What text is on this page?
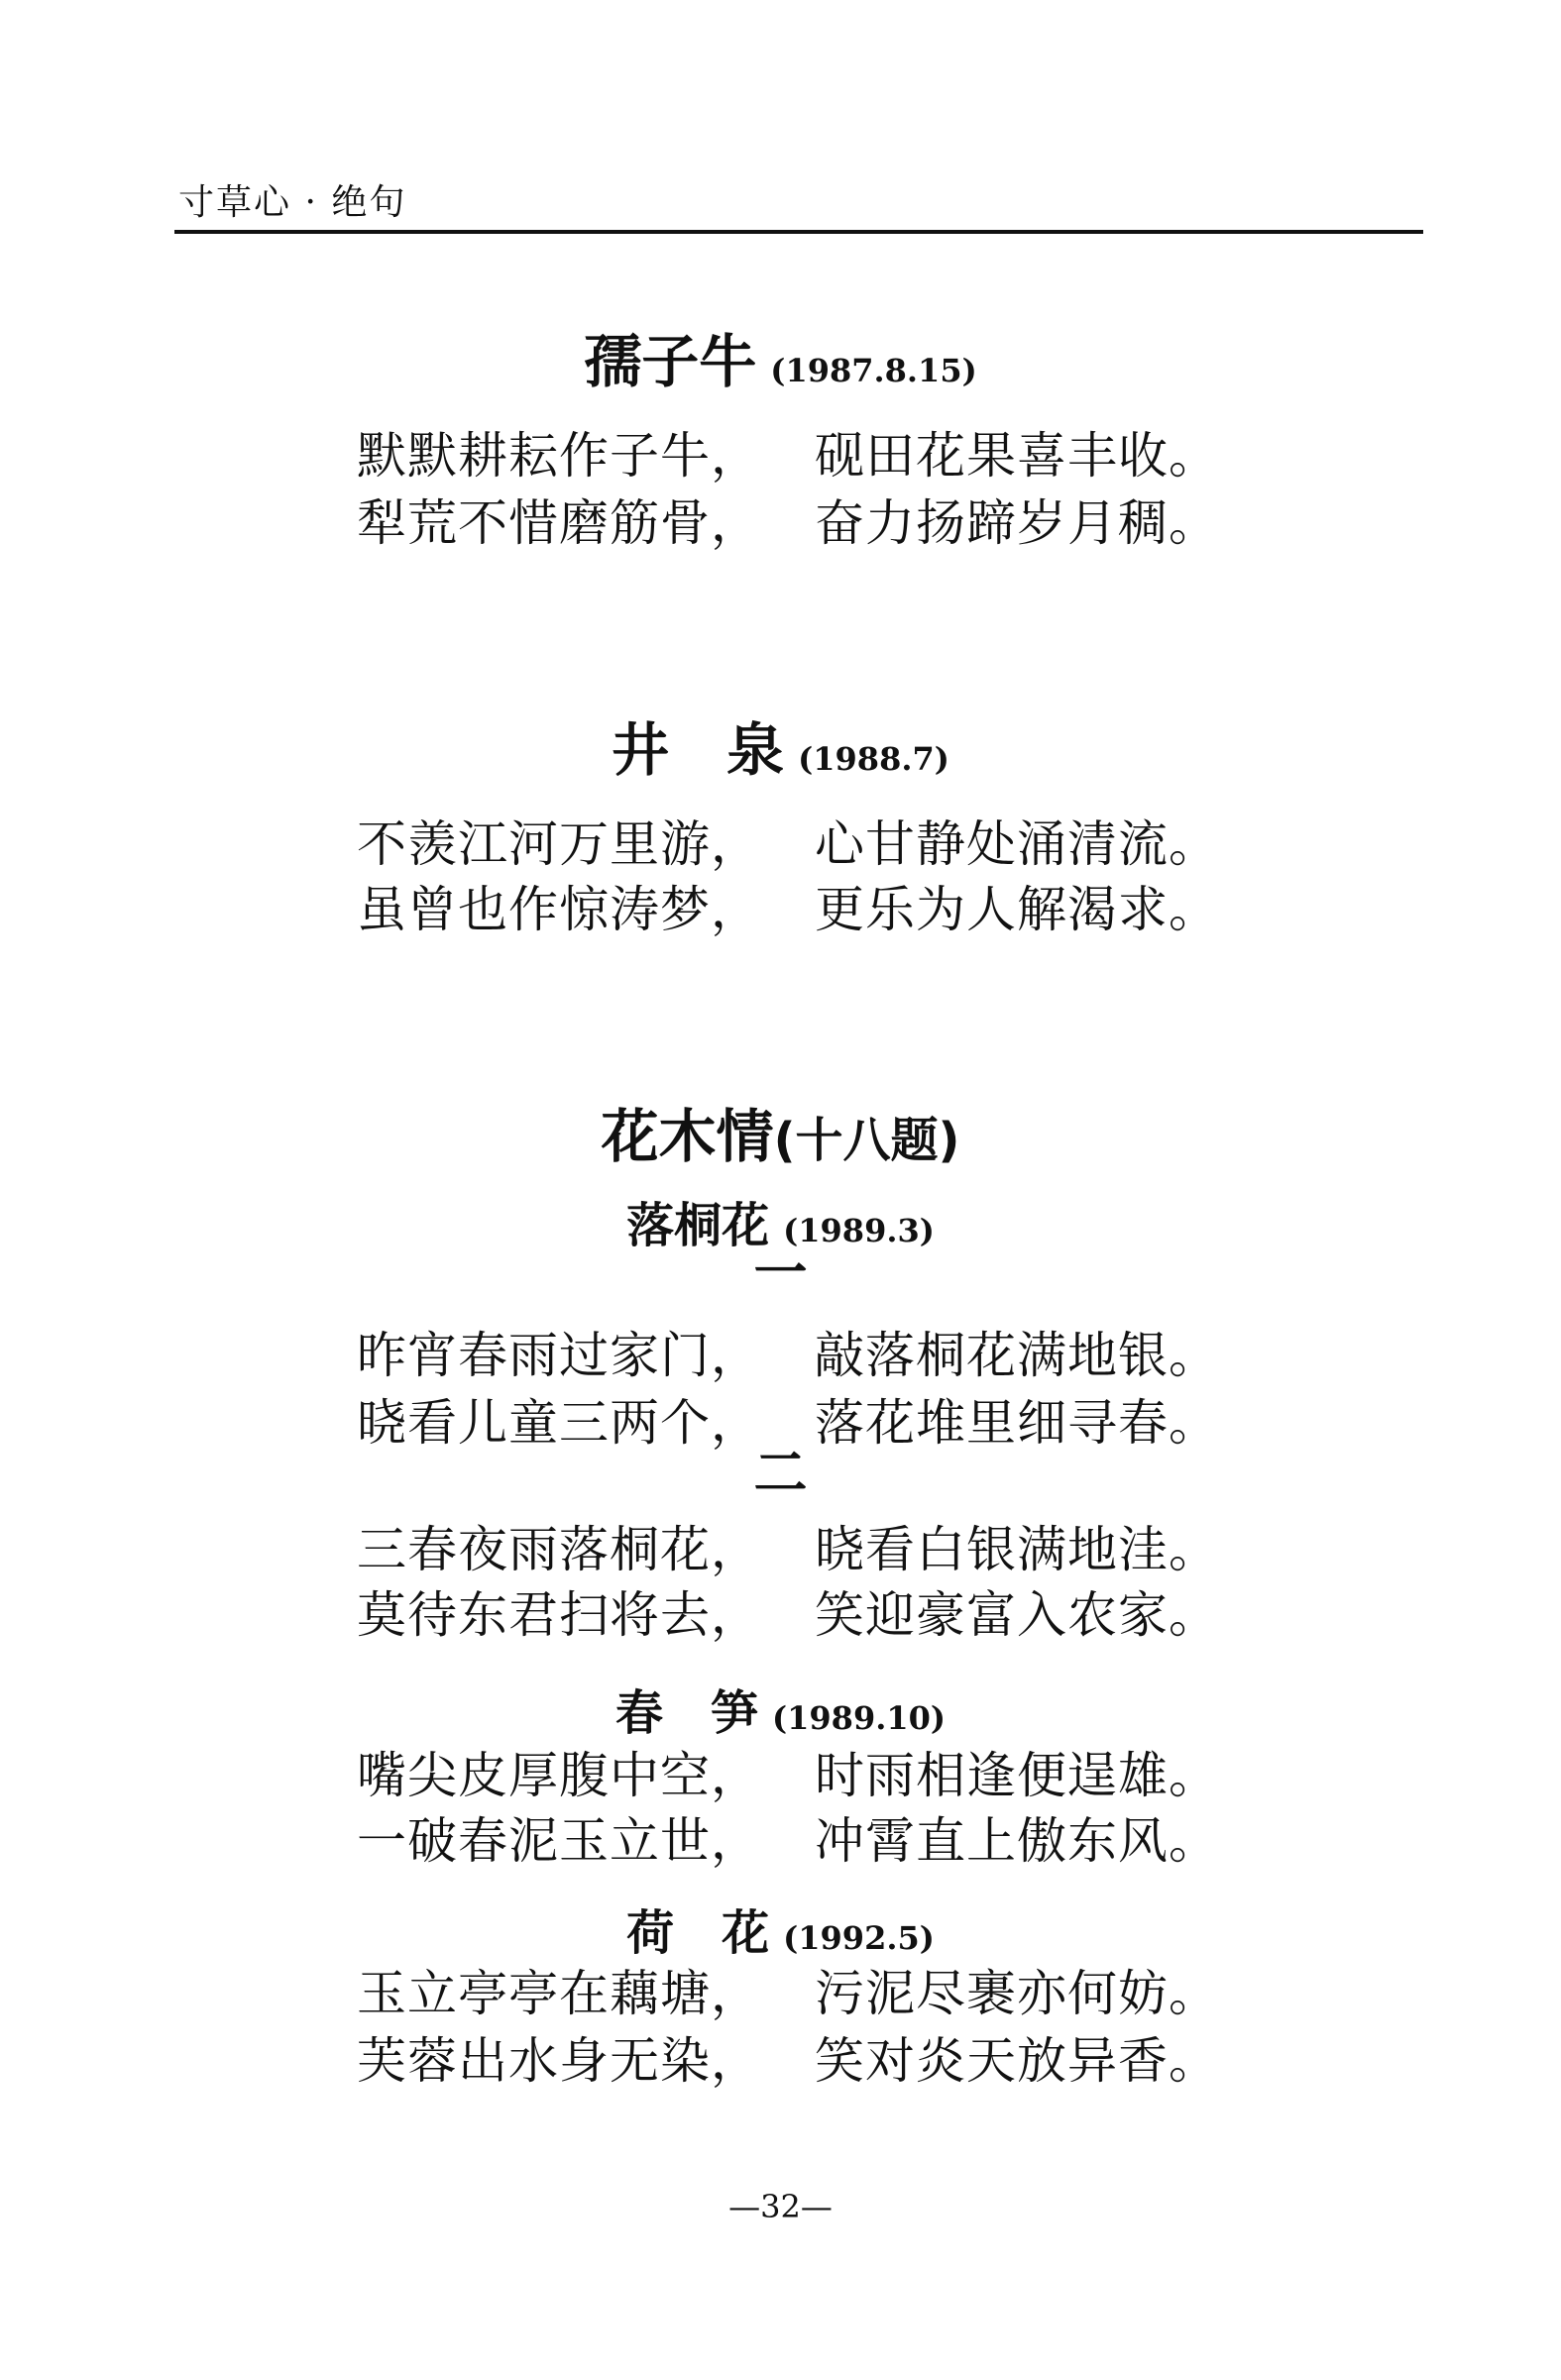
寸草心 · 绝句
孺子牛 (1987.8.15)
默默耕耘作子牛， 砚田花果喜丰收。
犁荒不惜磨筋骨， 奋力扬蹄岁月稠。
井　泉 (1988.7)
不羡江河万里游， 心甘静处涌清流。
虽曾也作惊涛梦， 更乐为人解渴求。
花木情(十八题)
落桐花 (1989.3)
一
昨宵春雨过家门， 敲落桐花满地银。
晓看儿童三两个， 落花堆里细寻春。
二
三春夜雨落桐花， 晓看白银满地洼。
莫待东君扫将去， 笑迎豪富入农家。
春　笋 (1989.10)
嘴尖皮厚腹中空， 时雨相逢便逞雄。
一破春泥玉立世， 冲霄直上傲东风。
荷　花 (1992.5)
玉立亭亭在藕塘， 污泥尽裹亦何妨。
芙蓉出水身无染， 笑对炎天放异香。
—32—
